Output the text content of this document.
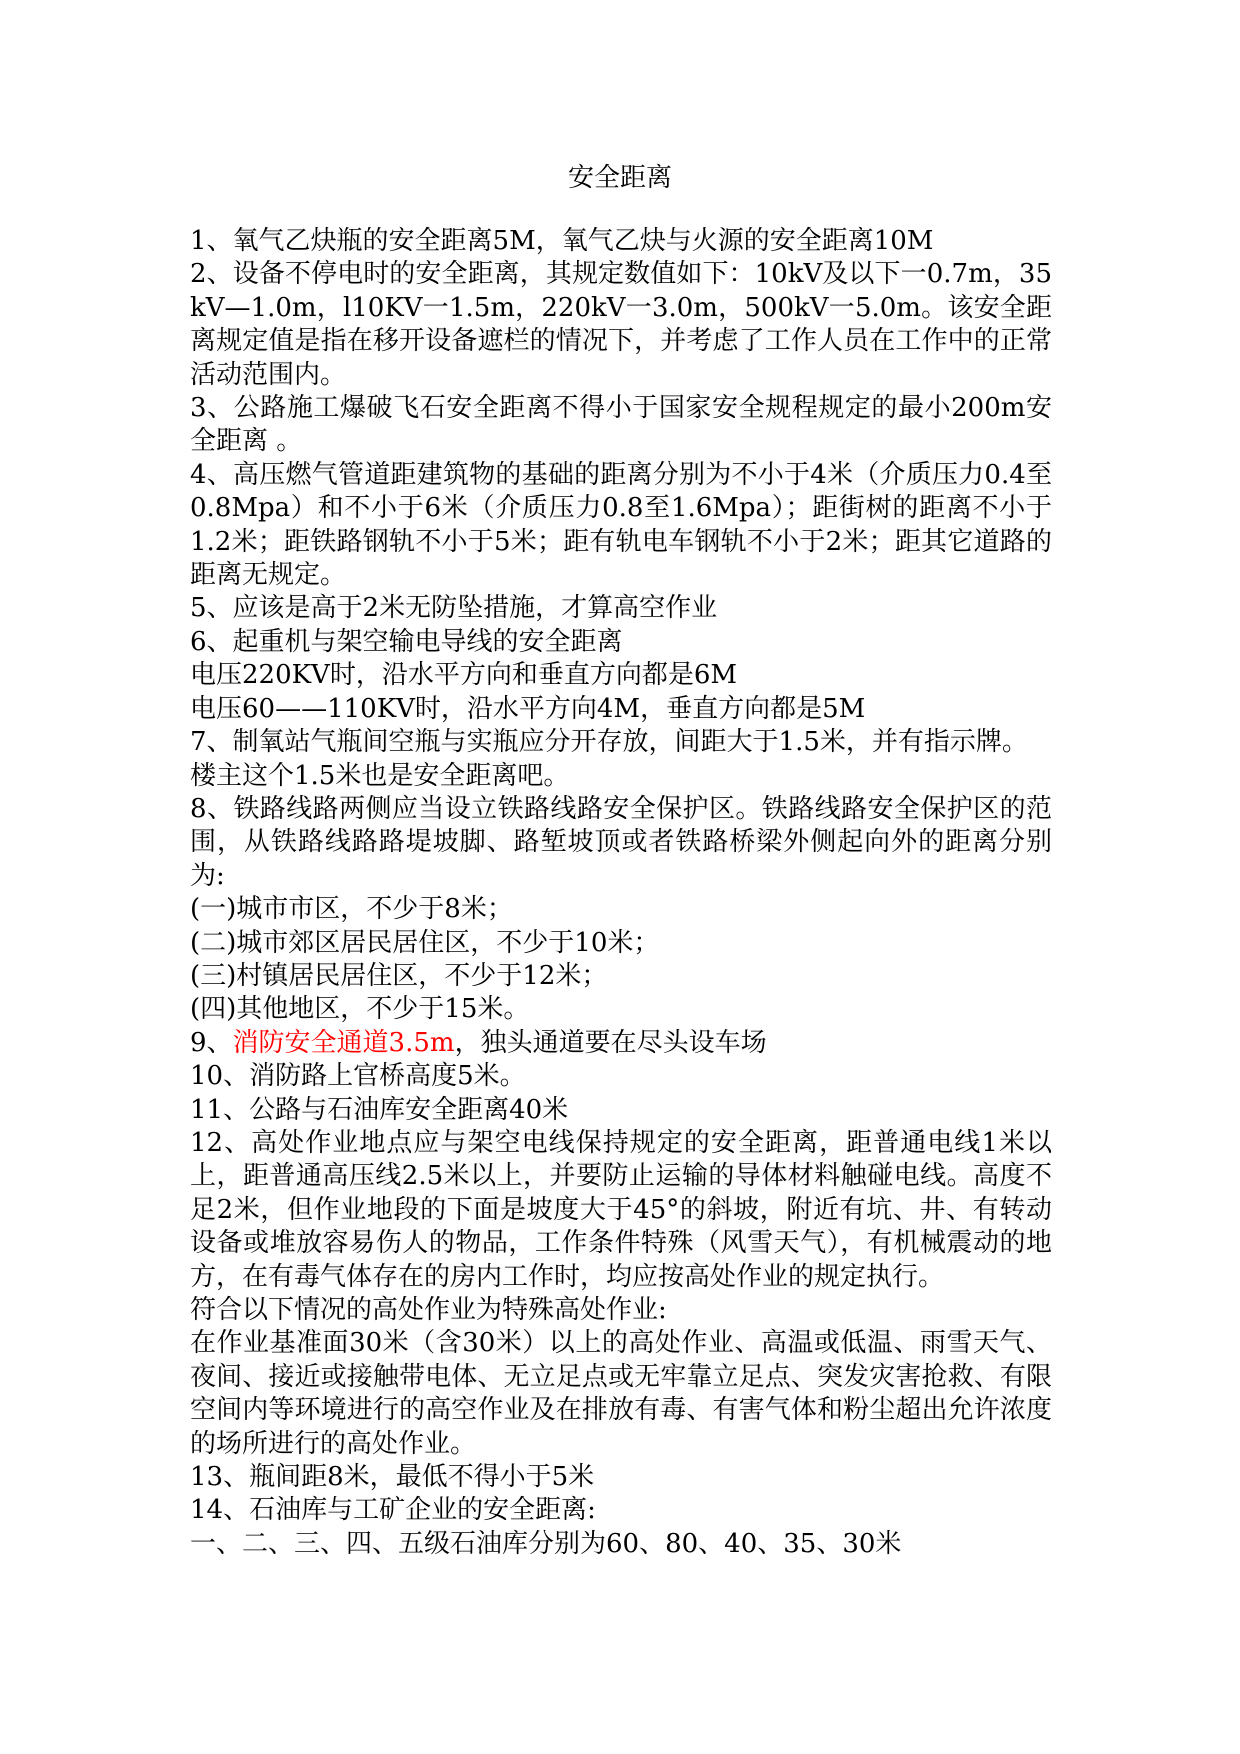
安全距离

1、氧气乙炔瓶的安全距离5M，氧气乙炔与火源的安全距离10M

2、设备不停电时的安全距离，其规定数值如下：10kV及以下一0.7m，35kV—1.0m，l10KV一1.5m，220kV一3.0m，500kV一5.0m。该安全距离规定值是指在移开设备遮栏的情况下，并考虑了工作人员在工作中的正常活动范围内。

3、公路施工爆破飞石安全距离不得小于国家安全规程规定的最小200m安全距离 。

4、高压燃气管道距建筑物的基础的距离分别为不小于4米（介质压力0.4至0.8Mpa）和不小于6米（介质压力0.8至1.6Mpa）；距街树的距离不小于1.2米；距铁路钢轨不小于5米；距有轨电车钢轨不小于2米；距其它道路的距离无规定。

5、应该是高于2米无防坠措施，才算高空作业

6、起重机与架空输电导线的安全距离

电压220KV时，沿水平方向和垂直方向都是6M

电压60——110KV时，沿水平方向4M，垂直方向都是5M

7、制氧站气瓶间空瓶与实瓶应分开存放，间距大于1.5米，并有指示牌。

楼主这个1.5米也是安全距离吧。

8、铁路线路两侧应当设立铁路线路安全保护区。铁路线路安全保护区的范围，从铁路线路路堤坡脚、路堑坡顶或者铁路桥梁外侧起向外的距离分别为:

(一)城市市区，不少于8米；

(二)城市郊区居民居住区，不少于10米；

(三)村镇居民居住区，不少于12米；

(四)其他地区，不少于15米。

9、消防安全通道3.5m，独头通道要在尽头设车场

10、消防路上官桥高度5米。

11、公路与石油库安全距离40米

12、高处作业地点应与架空电线保持规定的安全距离，距普通电线1米以上，距普通高压线2.5米以上，并要防止运输的导体材料触碰电线。高度不足2米，但作业地段的下面是坡度大于45°的斜坡，附近有坑、井、有转动设备或堆放容易伤人的物品，工作条件特殊（风雪天气），有机械震动的地方，在有毒气体存在的房内工作时，均应按高处作业的规定执行。

符合以下情况的高处作业为特殊高处作业:

在作业基准面30米（含30米）以上的高处作业、高温或低温、雨雪天气、夜间、接近或接触带电体、无立足点或无牢靠立足点、突发灾害抢救、有限空间内等环境进行的高空作业及在排放有毒、有害气体和粉尘超出允许浓度的场所进行的高处作业。

13、瓶间距8米，最低不得小于5米

14、石油库与工矿企业的安全距离:

一、二、三、四、五级石油库分别为60、80、40、35、30米
